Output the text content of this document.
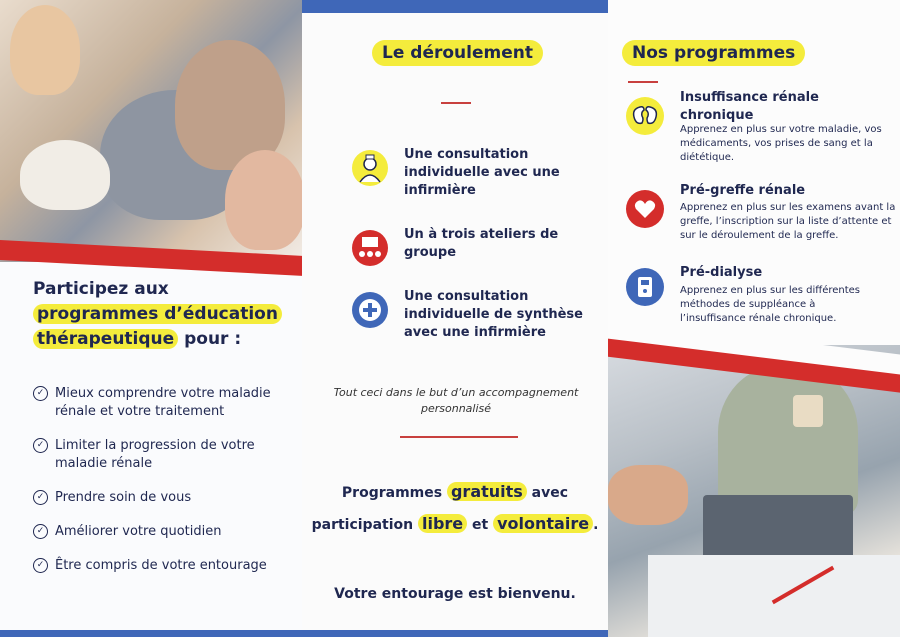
Participez aux
programmes d’éducation
thérapeutique pour :
✓ Mieux comprendre votre maladie rénale et votre traitement
✓ Limiter la progression de votre maladie rénale
✓ Prendre soin de vous
✓ Améliorer votre quotidien
✓ Être compris de votre entourage
Le déroulement
Une consultation individuelle avec une infirmière
Un à trois ateliers de groupe
Une consultation individuelle de synthèse avec une infirmière
Tout ceci dans le but d’un accompagnement personnalisé
Programmes gratuits avec
participation libre et volontaire .
Votre entourage est bienvenu.
Nos programmes
Insuffisance rénale chronique
Apprenez en plus sur votre maladie, vos médicaments, vos prises de sang et la diététique.
Pré-greffe rénale
Apprenez en plus sur les examens avant la greffe, l’inscription sur la liste d’attente et sur le déroulement de la greffe.
Pré-dialyse
Apprenez en plus sur les différentes méthodes de suppléance à l’insuffisance rénale chronique.
